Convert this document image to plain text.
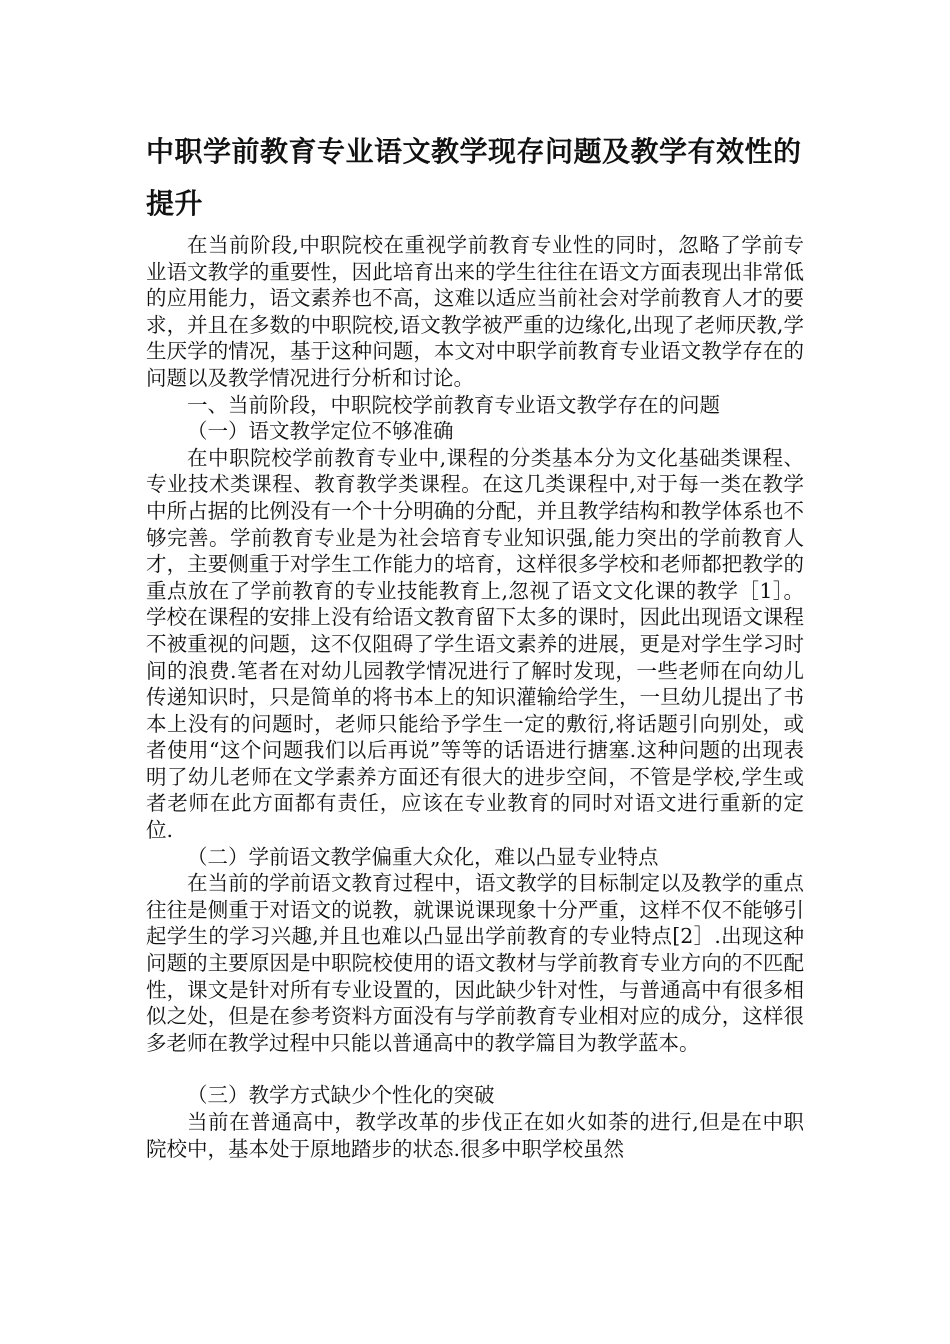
中职学前教育专业语文教学现存问题及教学有效性的提升

在当前阶段,中职院校在重视学前教育专业性的同时，忽略了学前专业语文教学的重要性，因此培育出来的学生往往在语文方面表现出非常低的应用能力，语文素养也不高，这难以适应当前社会对学前教育人才的要求，并且在多数的中职院校,语文教学被严重的边缘化,出现了老师厌教,学生厌学的情况，基于这种问题，本文对中职学前教育专业语文教学存在的问题以及教学情况进行分析和讨论。

一、当前阶段，中职院校学前教育专业语文教学存在的问题

（一）语文教学定位不够准确

在中职院校学前教育专业中,课程的分类基本分为文化基础类课程、专业技术类课程、教育教学类课程。在这几类课程中,对于每一类在教学中所占据的比例没有一个十分明确的分配，并且教学结构和教学体系也不够完善。学前教育专业是为社会培育专业知识强,能力突出的学前教育人才，主要侧重于对学生工作能力的培育，这样很多学校和老师都把教学的重点放在了学前教育的专业技能教育上,忽视了语文文化课的教学［1］。学校在课程的安排上没有给语文教育留下太多的课时，因此出现语文课程不被重视的问题，这不仅阻碍了学生语文素养的进展，更是对学生学习时间的浪费.笔者在对幼儿园教学情况进行了解时发现，一些老师在向幼儿传递知识时，只是简单的将书本上的知识灌输给学生，一旦幼儿提出了书本上没有的问题时，老师只能给予学生一定的敷衍,将话题引向别处，或者使用“这个问题我们以后再说”等等的话语进行搪塞.这种问题的出现表明了幼儿老师在文学素养方面还有很大的进步空间，不管是学校,学生或者老师在此方面都有责任，应该在专业教育的同时对语文进行重新的定位.

（二）学前语文教学偏重大众化，难以凸显专业特点

在当前的学前语文教育过程中，语文教学的目标制定以及教学的重点往往是侧重于对语文的说教，就课说课现象十分严重，这样不仅不能够引起学生的学习兴趣,并且也难以凸显出学前教育的专业特点[2］.出现这种问题的主要原因是中职院校使用的语文教材与学前教育专业方向的不匹配性，课文是针对所有专业设置的，因此缺少针对性，与普通高中有很多相似之处，但是在参考资料方面没有与学前教育专业相对应的成分，这样很多老师在教学过程中只能以普通高中的教学篇目为教学蓝本。

（三）教学方式缺少个性化的突破

当前在普通高中，教学改革的步伐正在如火如荼的进行,但是在中职院校中，基本处于原地踏步的状态.很多中职学校虽然
